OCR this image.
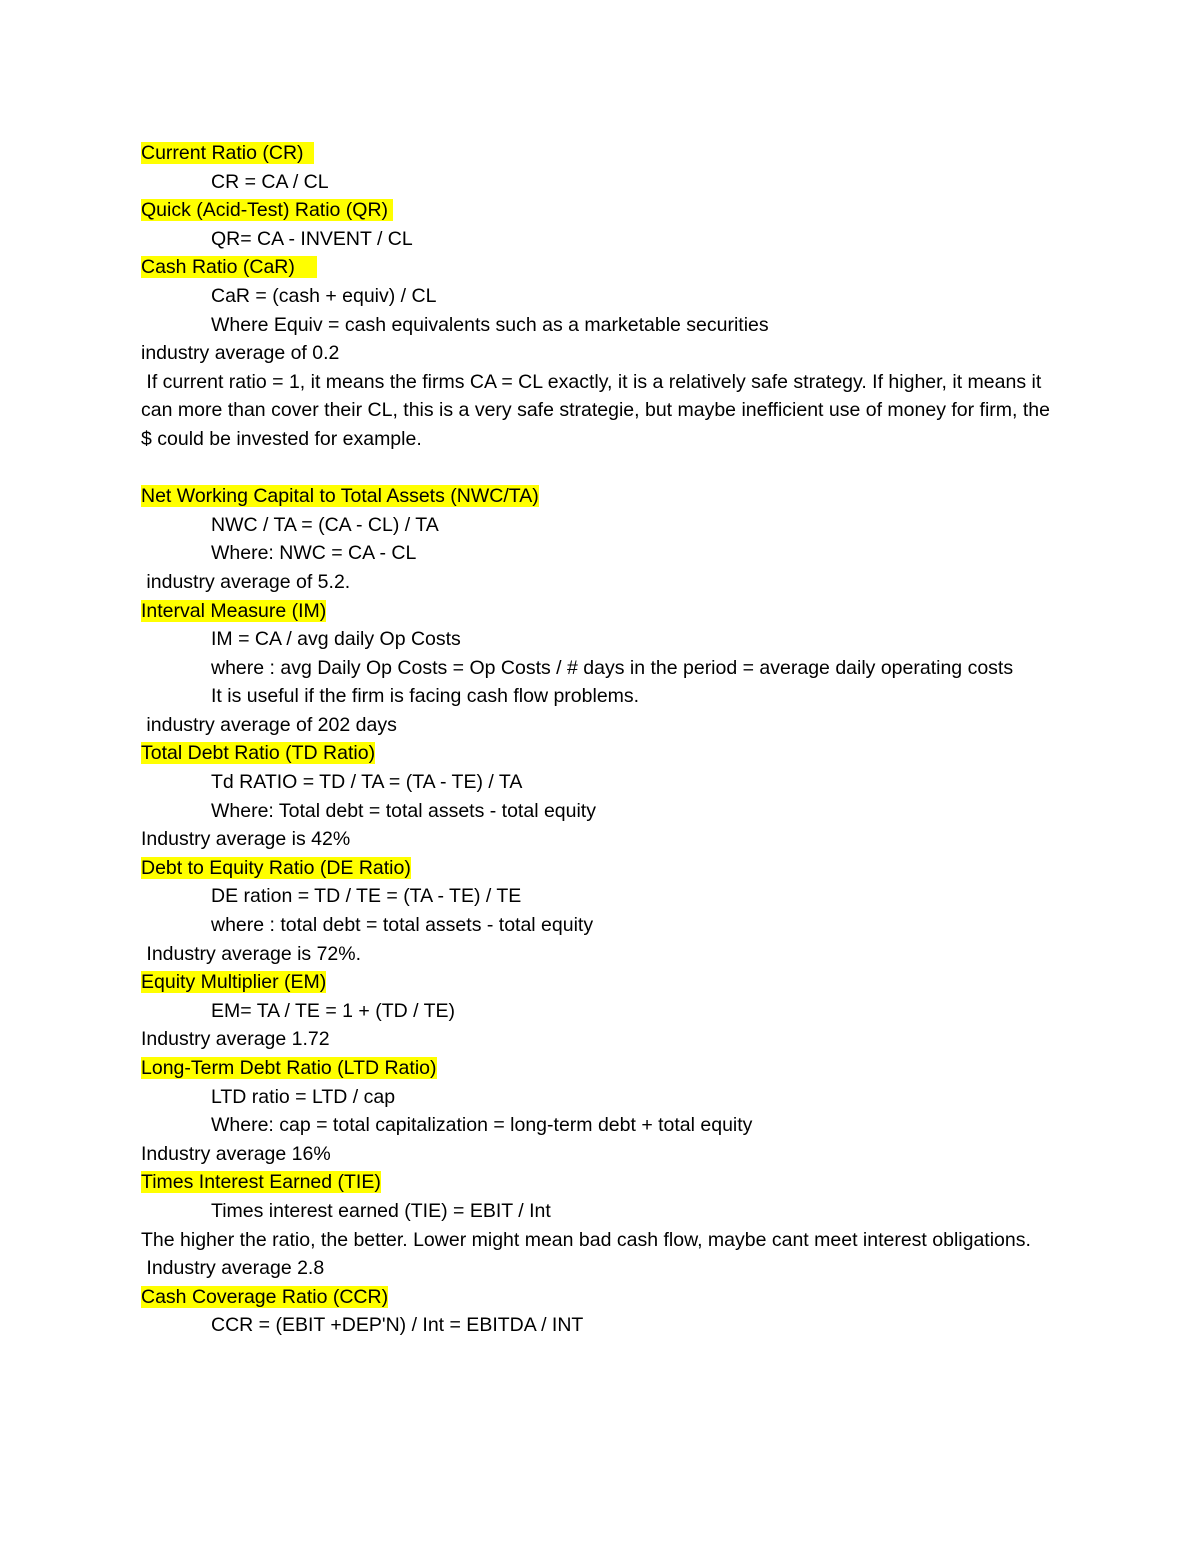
Current Ratio (CR)
CR = CA / CL
Quick (Acid-Test) Ratio (QR)
QR= CA - INVENT / CL
Cash Ratio (CaR)
CaR = (cash + equiv) / CL
Where Equiv = cash equivalents such as a marketable securities
industry average of 0.2
If current ratio = 1, it means the firms CA = CL exactly, it is a relatively safe strategy. If higher, it means it can more than cover their CL, this is a very safe strategie, but maybe inefficient use of money for firm, the $ could be invested for example.
Net Working Capital to Total Assets (NWC/TA)
NWC / TA = (CA - CL) / TA
Where: NWC = CA - CL
industry average of 5.2.
Interval Measure (IM)
IM = CA / avg daily Op Costs
where : avg Daily Op Costs = Op Costs / # days in the period = average daily operating costs
It is useful if the firm is facing cash flow problems.
industry average of 202 days
Total Debt Ratio (TD Ratio)
Td RATIO = TD / TA = (TA - TE) / TA
Where: Total debt = total assets - total equity
Industry average is 42%
Debt to Equity Ratio (DE Ratio)
DE ration = TD / TE = (TA - TE) / TE
where : total debt = total assets - total equity
Industry average is 72%.
Equity Multiplier (EM)
EM= TA / TE = 1 + (TD / TE)
Industry average 1.72
Long-Term Debt Ratio (LTD Ratio)
LTD ratio = LTD / cap
Where: cap = total capitalization = long-term debt + total equity
Industry average 16%
Times Interest Earned (TIE)
Times interest earned (TIE) = EBIT / Int
The higher the ratio, the better. Lower might mean bad cash flow, maybe cant meet interest obligations.
Industry average 2.8
Cash Coverage Ratio (CCR)
CCR = (EBIT +DEP'N) / Int = EBITDA / INT
